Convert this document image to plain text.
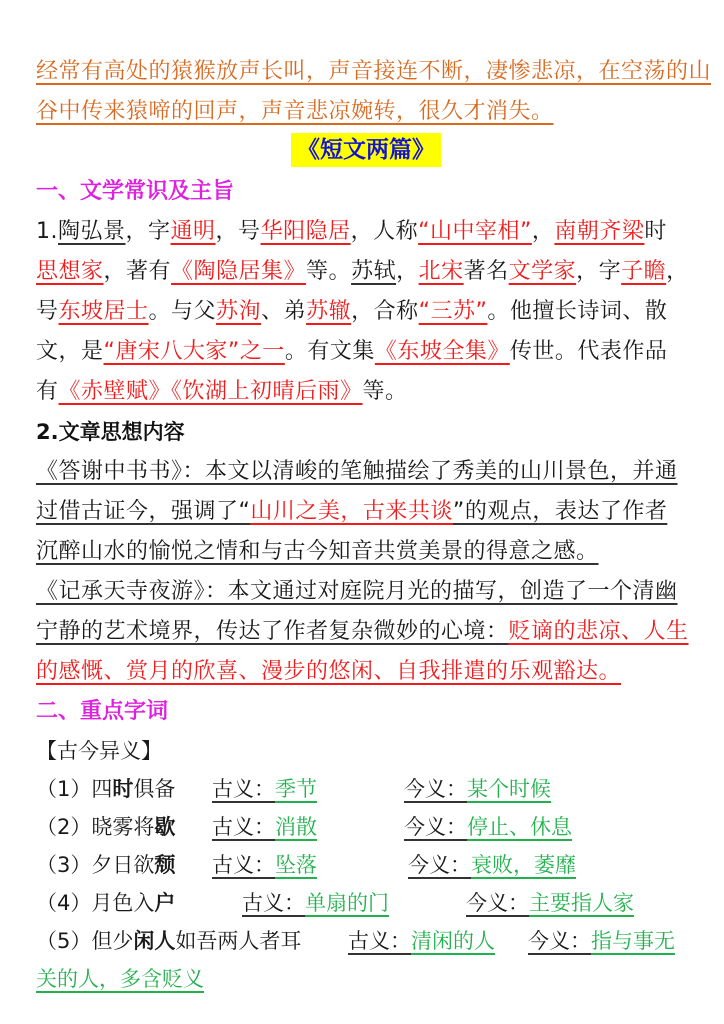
经常有高处的猿猴放声长叫，声音接连不断，凄惨悲凉，在空荡的山
谷中传来猿啼的回声，声音悲凉婉转，很久才消失。
《短文两篇》
一、文学常识及主旨
1.陶弘景，字通明，号华阳隐居，人称“山中宰相”，南朝齐梁时
思想家，著有《陶隐居集》等。苏轼，北宋著名文学家，字子瞻，
号东坡居士。与父苏洵、弟苏辙，合称“三苏”。他擅长诗词、散
文，是“唐宋八大家”之一。有文集《东坡全集》传世。代表作品
有《赤壁赋》《饮湖上初晴后雨》等。
2.文章思想内容
《答谢中书书》：本文以清峻的笔触描绘了秀美的山川景色，并通
过借古证今，强调了“山川之美，古来共谈”的观点，表达了作者
沉醉山水的愉悦之情和与古今知音共赏美景的得意之感。
《记承天寺夜游》：本文通过对庭院月光的描写，创造了一个清幽
宁静的艺术境界，传达了作者复杂微妙的心境：贬谪的悲凉、人生
的感慨、赏月的欣喜、漫步的悠闲、自我排遣的乐观豁达。
二、重点字词
【古今异义】
（1）四时俱备 古义：季节	今义：某个时候
（2）晓雾将歇 古义：消散	今义：停止、休息
（3）夕日欲颓 古义：坠落	今义：衰败，萎靡
（4）月色入户	古义：单扇的门	今义：主要指人家
（5）但少闲人如吾两人者耳 古义：清闲的人 今义：指与事无
关的人，多含贬义
